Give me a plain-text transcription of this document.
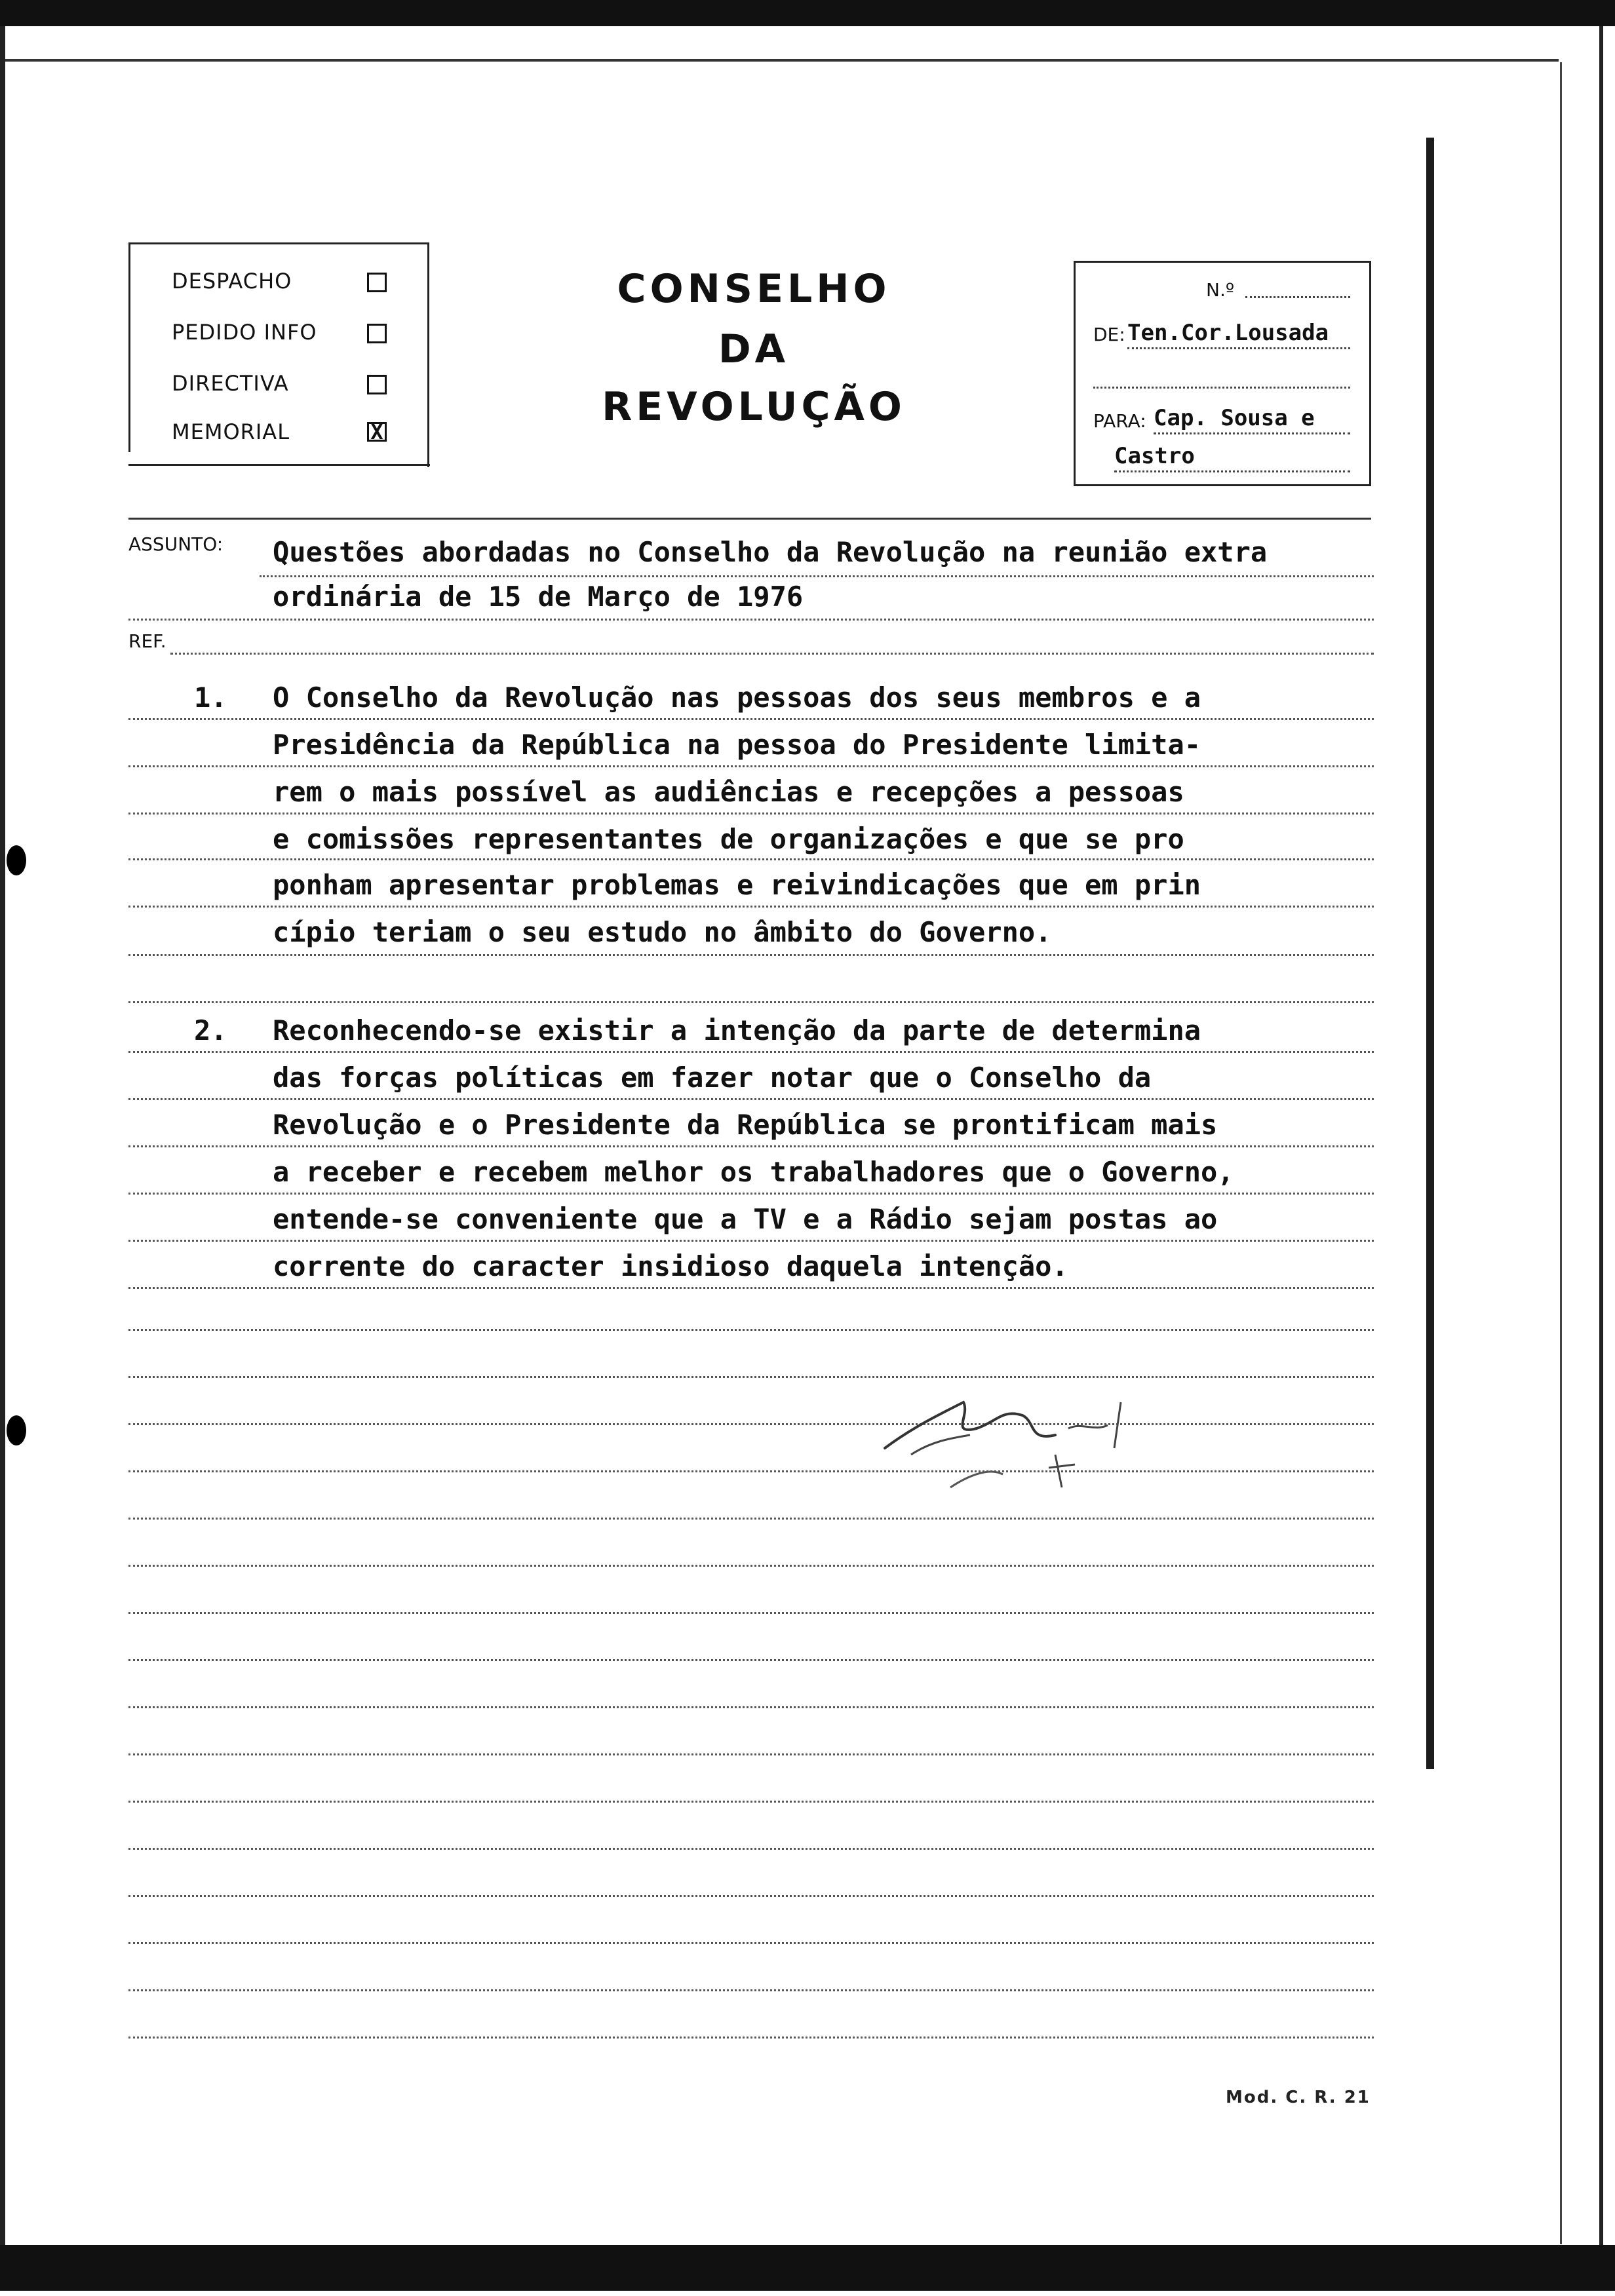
DESPACHO
PEDIDO INFO
DIRECTIVA
MEMORIAL	X
CONSELHO
DA
REVOLUÇÃO
N.º
DE: Ten.Cor.Lousada
PARA: Cap. Sousa e
Castro
ASSUNTO: Questões abordadas no Conselho da Revolução na reunião extra
ordinária de 15 de Março de 1976
REF.
1. O Conselho da Revolução nas pessoas dos seus membros e a
Presidência da República na pessoa do Presidente limita-
rem o mais possível as audiências e recepções a pessoas
e comissões representantes de organizações e que se pro
ponham apresentar problemas e reivindicações que em prin
cípio teriam o seu estudo no âmbito do Governo.
2. Reconhecendo-se existir a intenção da parte de determina
das forças políticas em fazer notar que o Conselho da
Revolução e o Presidente da República se prontificam mais
a receber e recebem melhor os trabalhadores que o Governo,
entende-se conveniente que a TV e a Rádio sejam postas ao
corrente do caracter insidioso daquela intenção.
Mod. C. R. 21
